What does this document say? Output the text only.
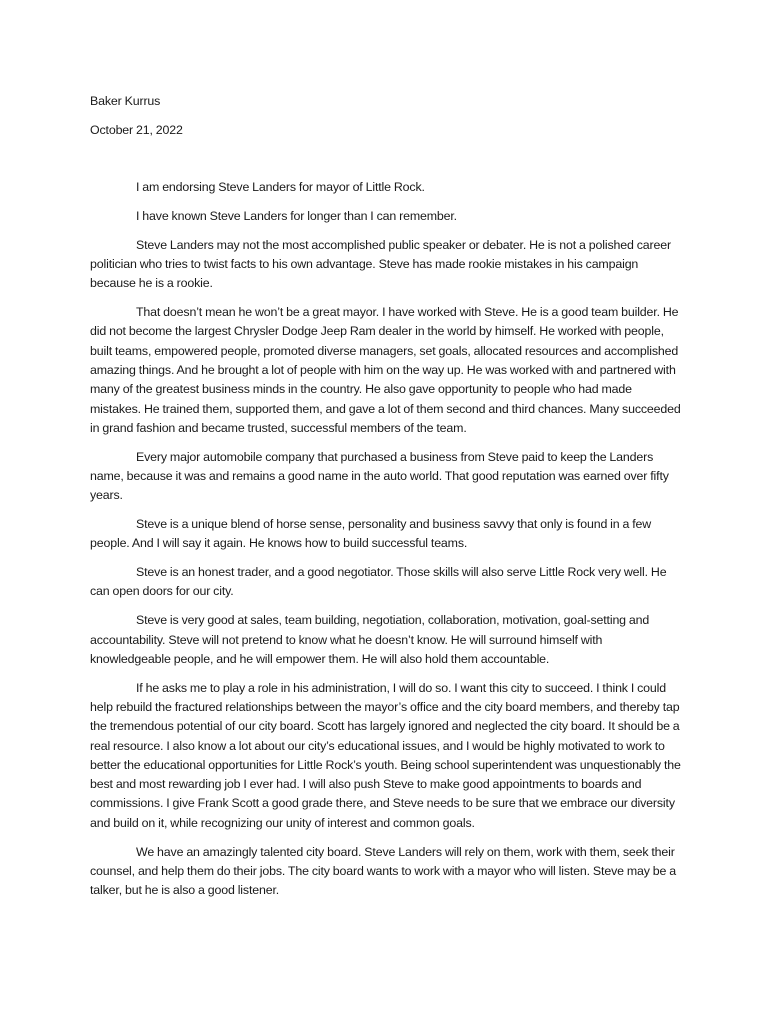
Baker Kurrus
October 21, 2022

I am endorsing Steve Landers for mayor of Little Rock.

I have known Steve Landers for longer than I can remember.

Steve Landers may not the most accomplished public speaker or debater. He is not a polished career politician who tries to twist facts to his own advantage. Steve has made rookie mistakes in his campaign because he is a rookie.

That doesn’t mean he won’t be a great mayor. I have worked with Steve. He is a good team builder. He did not become the largest Chrysler Dodge Jeep Ram dealer in the world by himself. He worked with people, built teams, empowered people, promoted diverse managers, set goals, allocated resources and accomplished amazing things. And he brought a lot of people with him on the way up. He was worked with and partnered with many of the greatest business minds in the country. He also gave opportunity to people who had made mistakes. He trained them, supported them, and gave a lot of them second and third chances. Many succeeded in grand fashion and became trusted, successful members of the team.

Every major automobile company that purchased a business from Steve paid to keep the Landers name, because it was and remains a good name in the auto world. That good reputation was earned over fifty years.

Steve is a unique blend of horse sense, personality and business savvy that only is found in a few people. And I will say it again. He knows how to build successful teams.

Steve is an honest trader, and a good negotiator. Those skills will also serve Little Rock very well. He can open doors for our city.

Steve is very good at sales, team building, negotiation, collaboration, motivation, goal-setting and accountability. Steve will not pretend to know what he doesn’t know. He will surround himself with knowledgeable people, and he will empower them. He will also hold them accountable.

If he asks me to play a role in his administration, I will do so. I want this city to succeed. I think I could help rebuild the fractured relationships between the mayor’s office and the city board members, and thereby tap the tremendous potential of our city board. Scott has largely ignored and neglected the city board. It should be a real resource. I also know a lot about our city’s educational issues, and I would be highly motivated to work to better the educational opportunities for Little Rock’s youth. Being school superintendent was unquestionably the best and most rewarding job I ever had. I will also push Steve to make good appointments to boards and commissions. I give Frank Scott a good grade there, and Steve needs to be sure that we embrace our diversity and build on it, while recognizing our unity of interest and common goals.

We have an amazingly talented city board. Steve Landers will rely on them, work with them, seek their counsel, and help them do their jobs. The city board wants to work with a mayor who will listen. Steve may be a talker, but he is also a good listener.
